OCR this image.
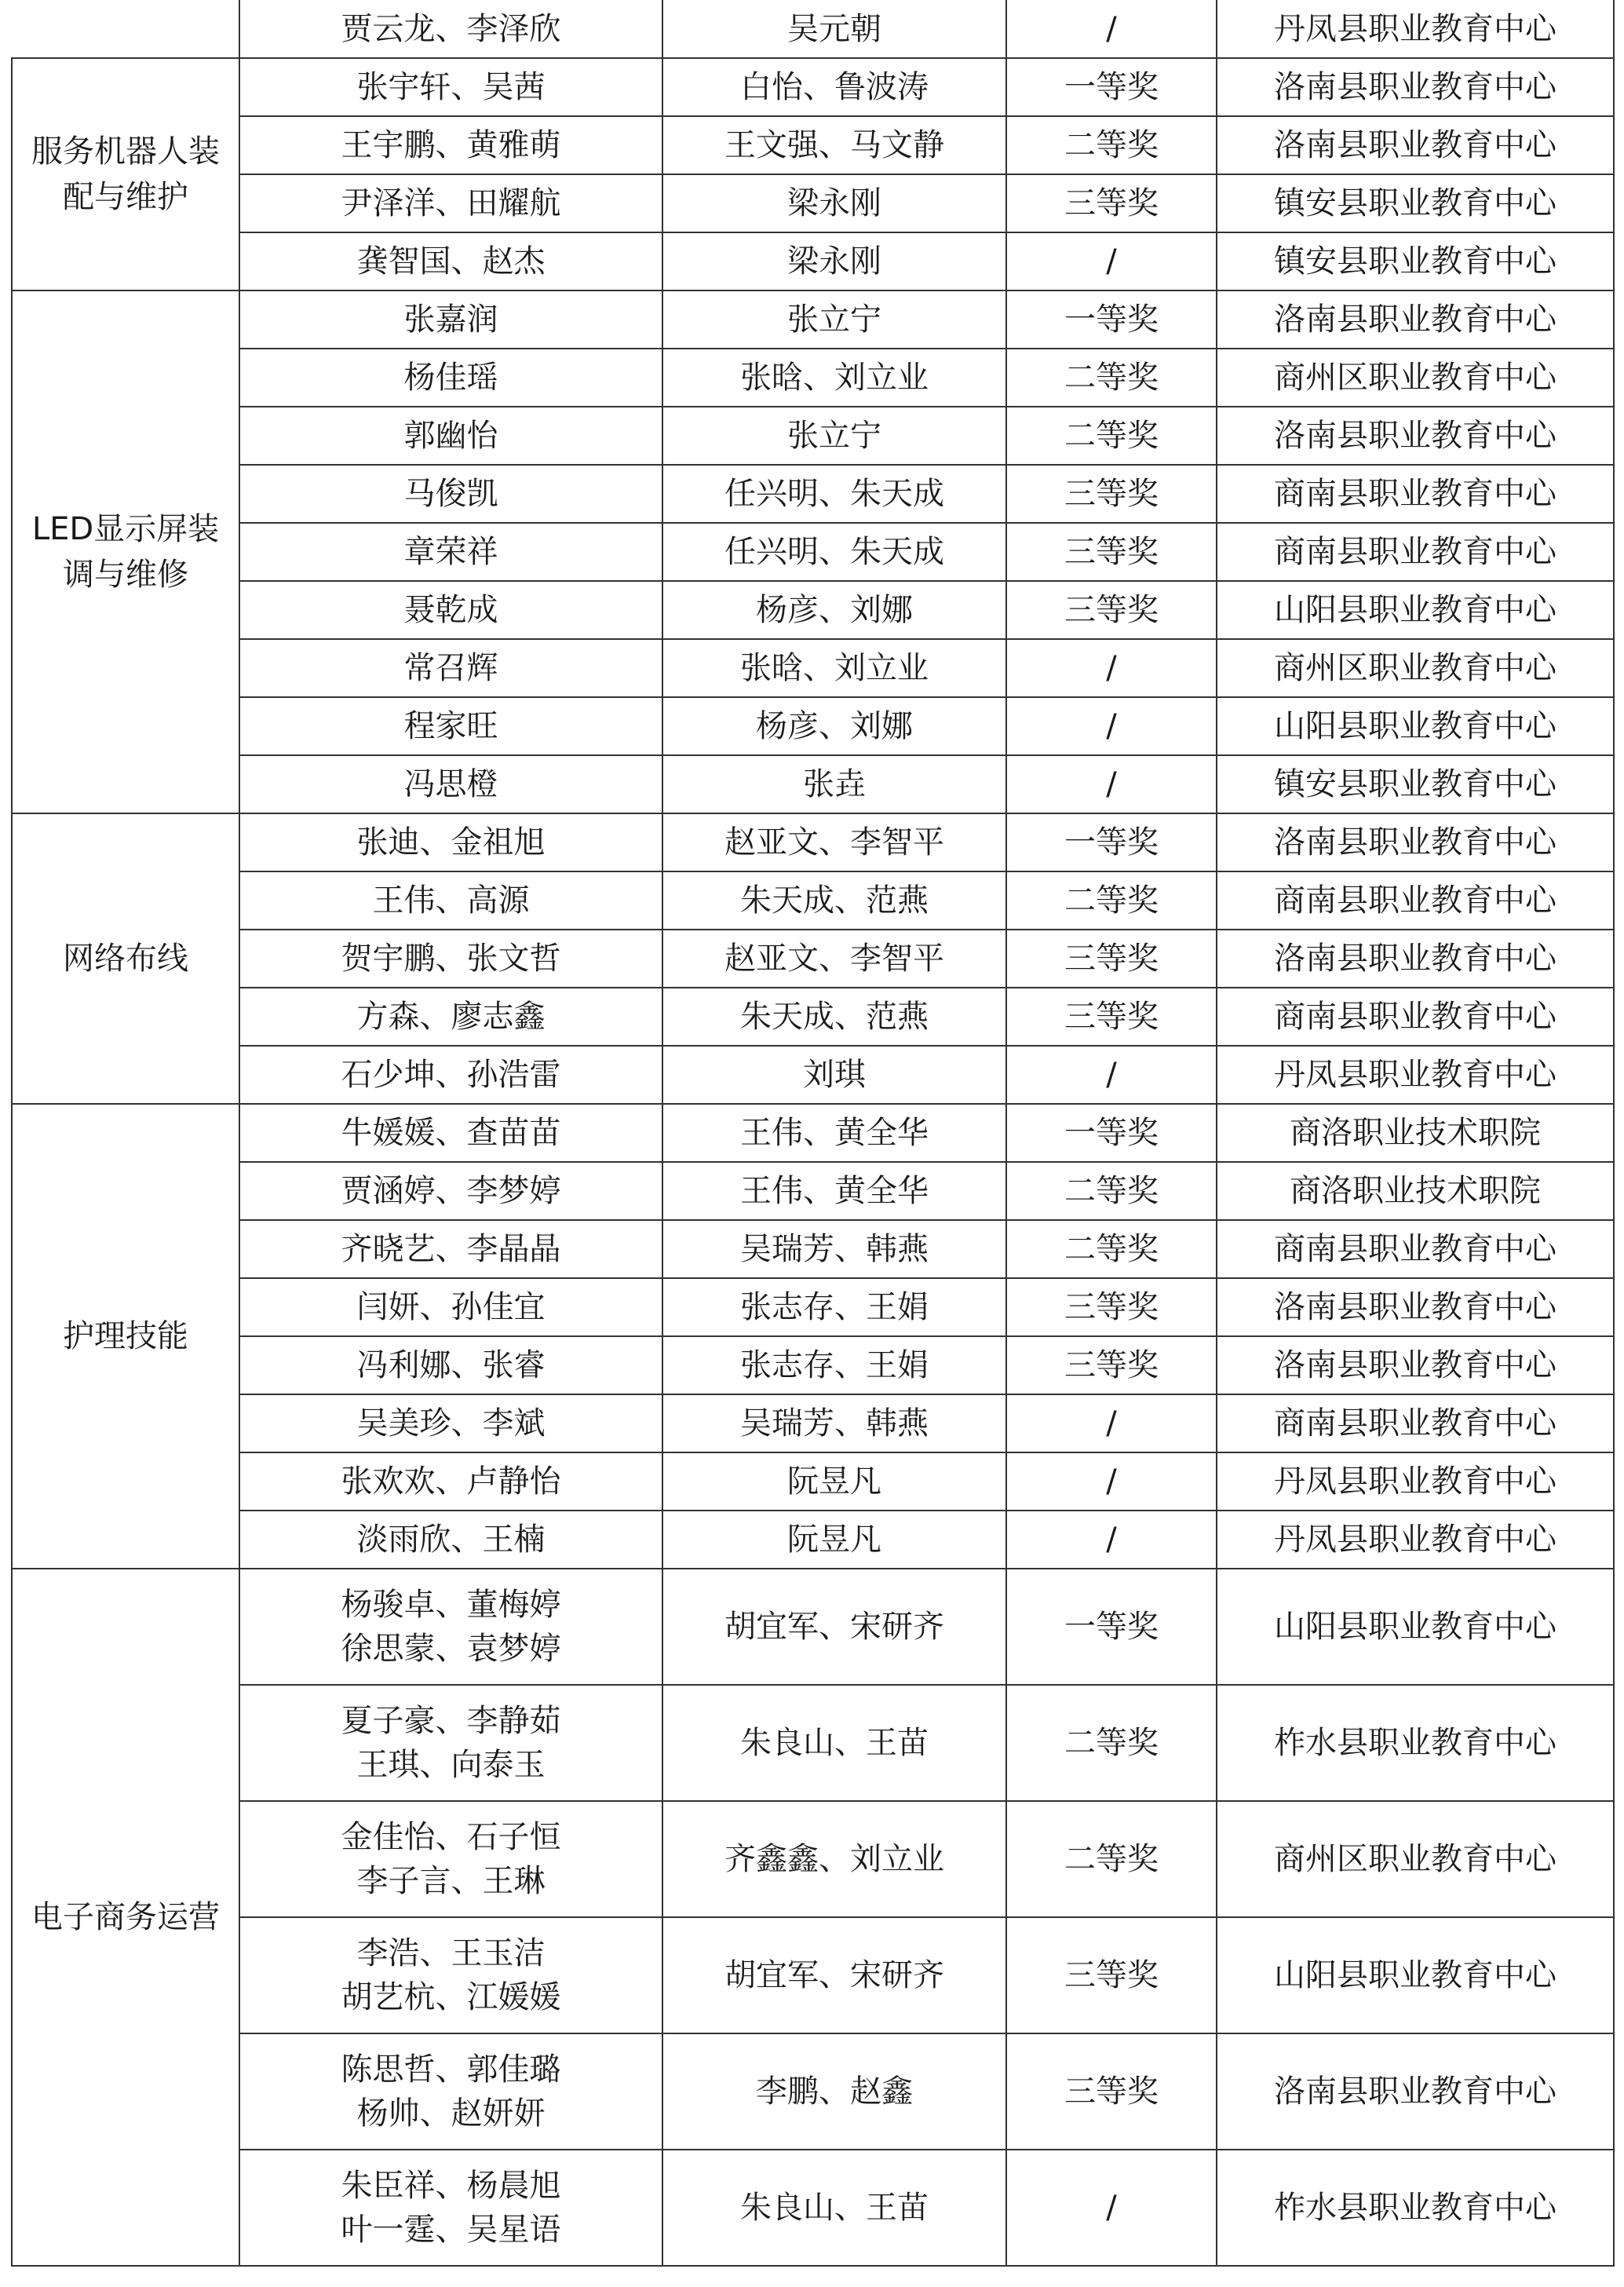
	贾云龙、李泽欣	吴元朝	/	丹凤县职业教育中心
服务机器人装配与维护	张宇轩、吴茜	白怡、鲁波涛	一等奖	洛南县职业教育中心

	王宇鹏、黄雅萌	王文强、马文静	二等奖	洛南县职业教育中心

	尹泽洋、田耀航	梁永刚	三等奖	镇安县职业教育中心

	龚智国、赵杰	梁永刚	/	镇安县职业教育中心
LED显示屏装调与维修	张嘉润	张立宁	一等奖	洛南县职业教育中心

	杨佳瑶	张晗、刘立业	二等奖	商州区职业教育中心

	郭幽怡	张立宁	二等奖	洛南县职业教育中心

	马俊凯	任兴明、朱天成	三等奖	商南县职业教育中心

	章荣祥	任兴明、朱天成	三等奖	商南县职业教育中心

	聂乾成	杨彦、刘娜	三等奖	山阳县职业教育中心

	常召辉	张晗、刘立业	/	商州区职业教育中心

	程家旺	杨彦、刘娜	/	山阳县职业教育中心

	冯思橙	张垚	/	镇安县职业教育中心
网络布线	张迪、金祖旭	赵亚文、李智平	一等奖	洛南县职业教育中心

	王伟、高源	朱天成、范燕	二等奖	商南县职业教育中心

	贺宇鹏、张文哲	赵亚文、李智平	三等奖	洛南县职业教育中心

	方森、廖志鑫	朱天成、范燕	三等奖	商南县职业教育中心

	石少坤、孙浩雷	刘琪	/	丹凤县职业教育中心
护理技能	牛媛媛、查苗苗	王伟、黄全华	一等奖	商洛职业技术职院

	贾涵婷、李梦婷	王伟、黄全华	二等奖	商洛职业技术职院

	齐晓艺、李晶晶	吴瑞芳、韩燕	二等奖	商南县职业教育中心

	闫妍、孙佳宜	张志存、王娟	三等奖	洛南县职业教育中心

	冯利娜、张睿	张志存、王娟	三等奖	洛南县职业教育中心

	吴美珍、李斌	吴瑞芳、韩燕	/	商南县职业教育中心

	张欢欢、卢静怡	阮昱凡	/	丹凤县职业教育中心

	淡雨欣、王楠	阮昱凡	/	丹凤县职业教育中心
电子商务运营	杨骏卓、董梅婷
徐思蒙、袁梦婷	胡宜军、宋研齐	一等奖	山阳县职业教育中心

	夏子豪、李静茹
王琪、向泰玉	朱良山、王苗	二等奖	柞水县职业教育中心

	金佳怡、石子恒
李子言、王琳	齐鑫鑫、刘立业	二等奖	商州区职业教育中心

	李浩、王玉洁
胡艺杭、江媛媛	胡宜军、宋研齐	三等奖	山阳县职业教育中心

	陈思哲、郭佳璐
杨帅、赵妍妍	李鹏、赵鑫	三等奖	洛南县职业教育中心

	朱臣祥、杨晨旭
叶一霆、吴星语	朱良山、王苗	/	柞水县职业教育中心
